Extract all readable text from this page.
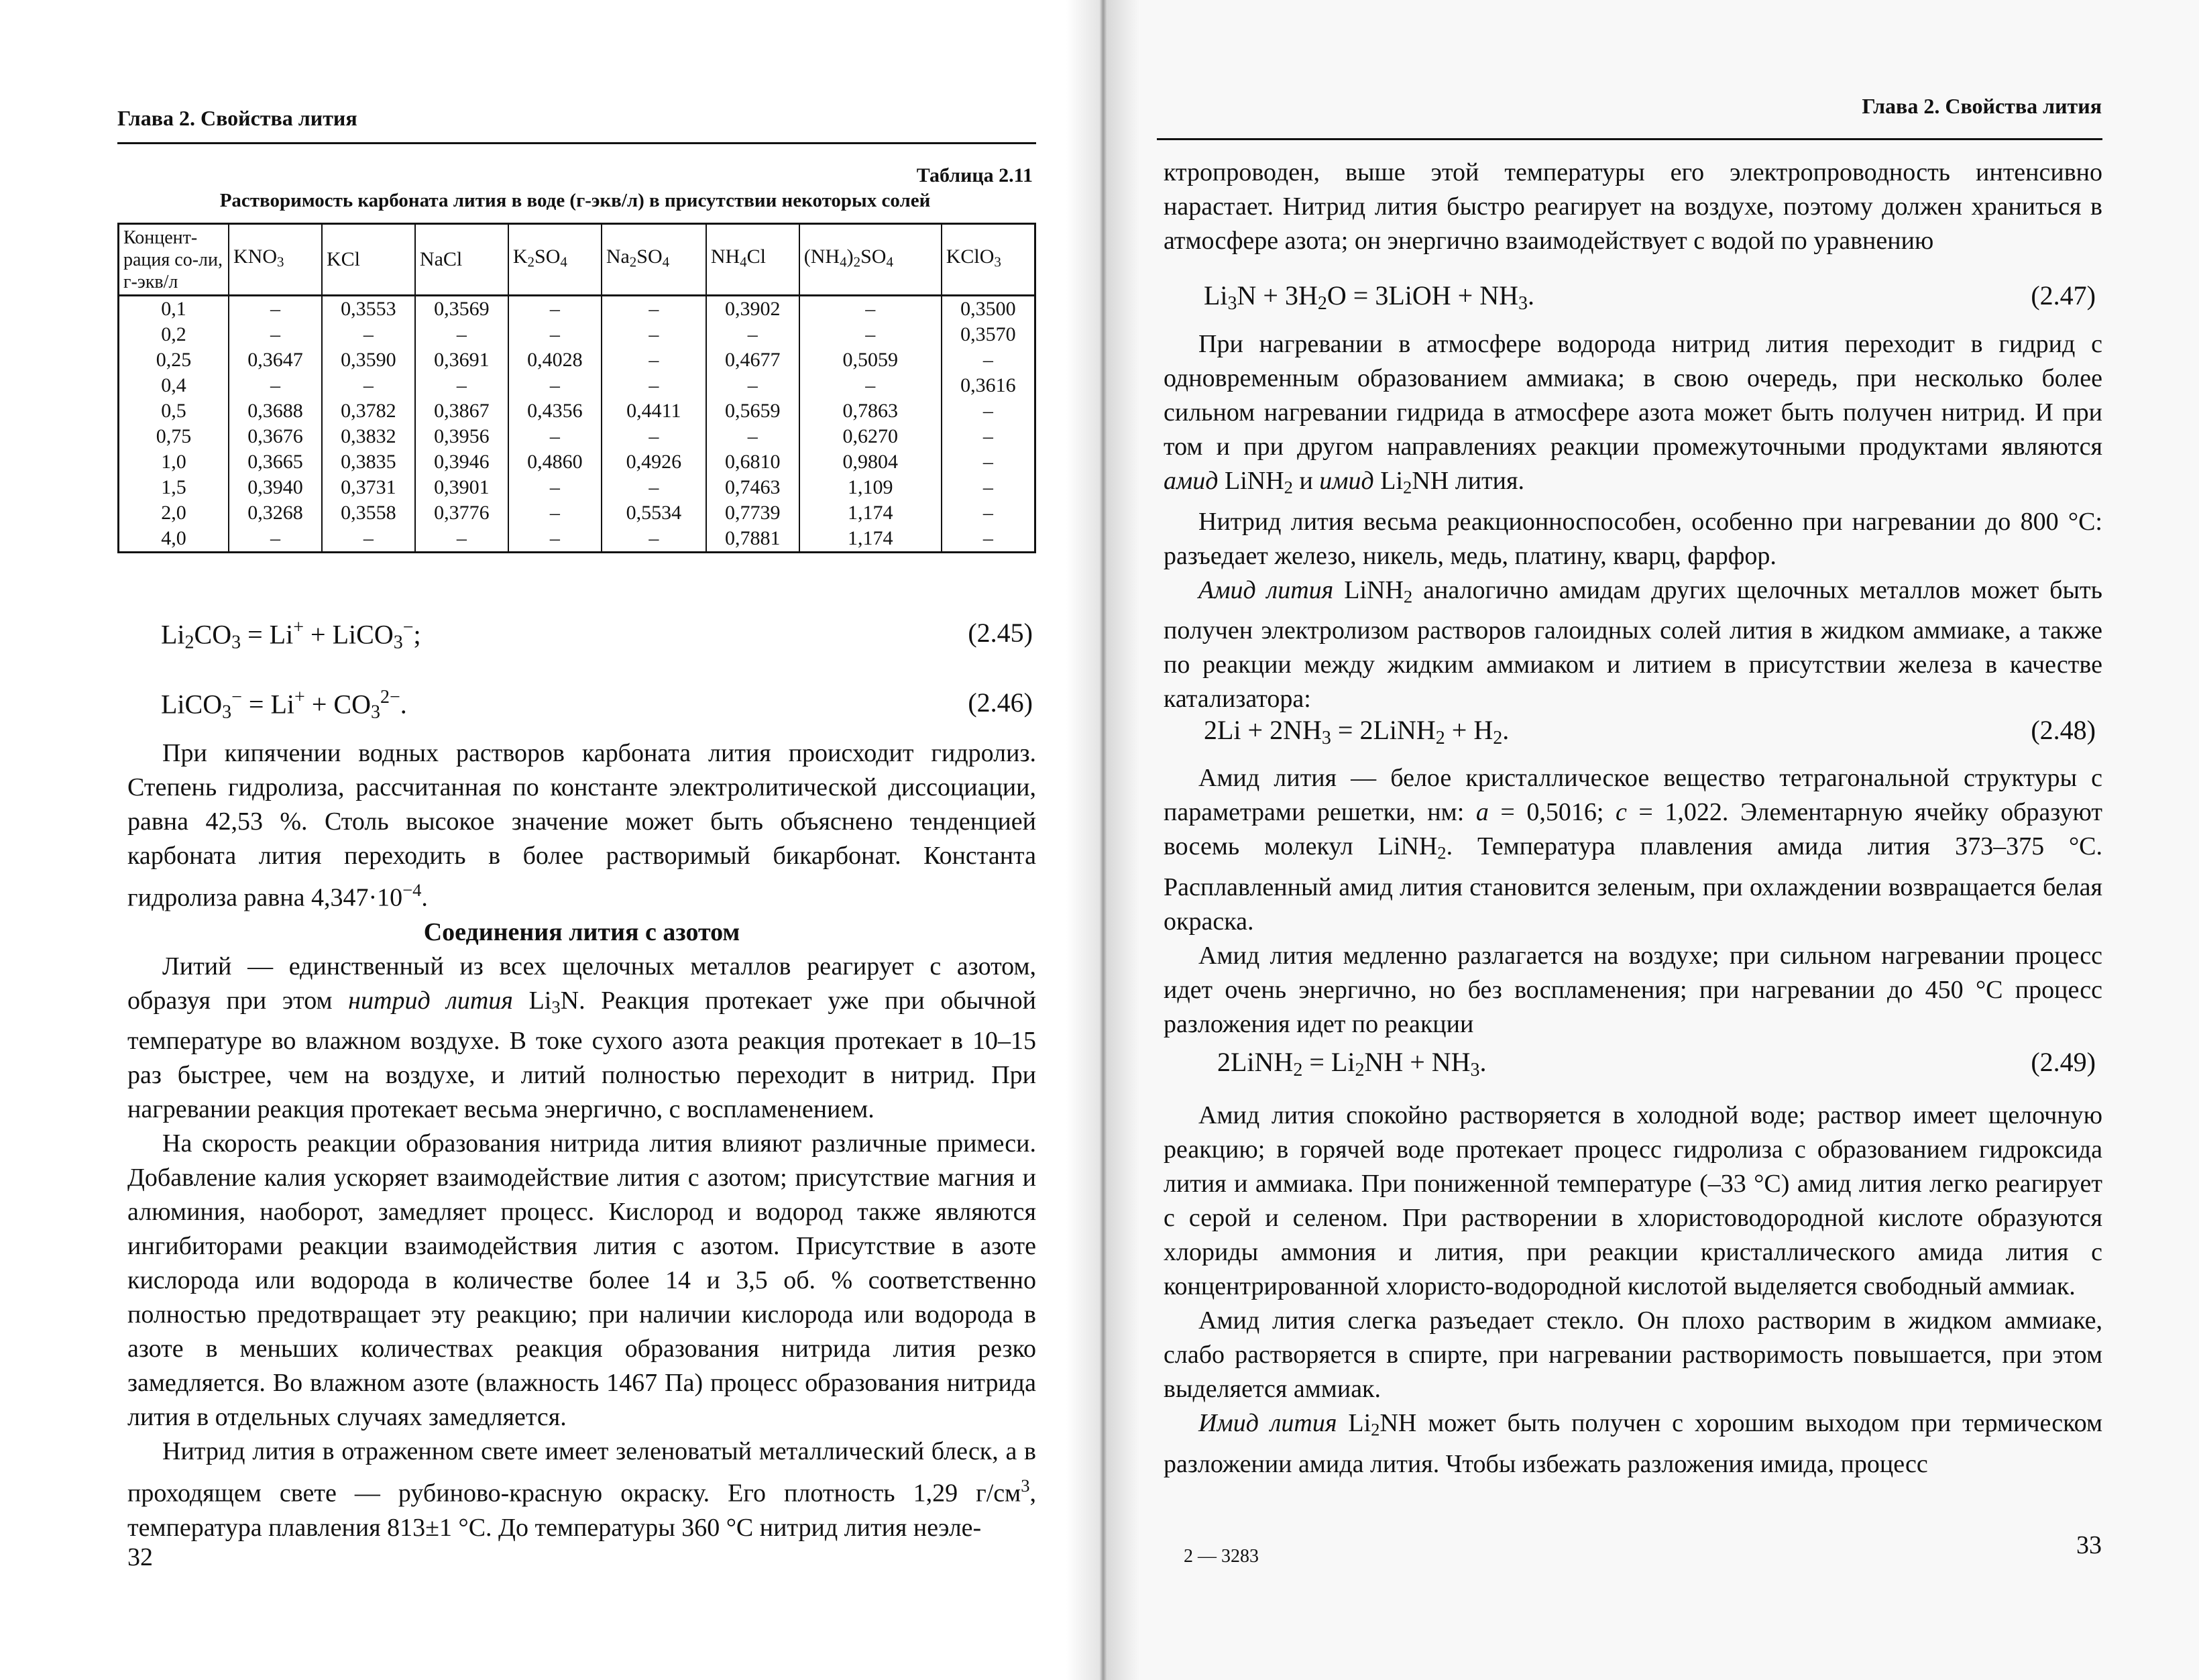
Глава 2. Свойства лития
Таблица 2.11
Растворимость карбоната лития в воде (г-экв/л) в присутствии некоторых солей
Концент-рация со-ли, г-экв/л	$KNO_3$	KCl	NaCl	$K_2SO_4$	$Na_2SO_4$	$NH_4Cl$	$(NH_4)_2SO_4$	KClO$_3$
0,1	–	0,3553	0,3569	–	–	0,3902	–	0,3500
0,2	–	–	–	–	–	–	–	0,3570
0,25	0,3647	0,3590	0,3691	0,4028	–	0,4677	0,5059	–
0,4	–	–	–	–	–	–	–	0,3616
0,5	0,3688	0,3782	0,3867	0,4356	0,4411	0,5659	0,7863	–
0,75	0,3676	0,3832	0,3956	–	–	–	0,6270	–
1,0	0,3665	0,3835	0,3946	0,4860	0,4926	0,6810	0,9804	–
1,5	0,3940	0,3731	0,3901	–	–	0,7463	1,109	–
2,0	0,3268	0,3558	0,3776	–	0,5534	0,7739	1,174	–
4,0	–	–	–	–	–	0,7881	1,174	–
$Li_2CO_3 = Li^+$ + LiCO$_3$−;	(2.45)
LiCO$_3$− = $Li^+ + CO_3^{2-}$.	(2.46)

При кипячении водных растворов карбоната лития происходит гидролиз. Степень гидролиза, рассчитанная по константе электролитической диссоциации, равна 42,53 %. Столь высокое значение может быть объяснено тенденцией карбоната лития переходить в более растворимый бикарбонат. Константа гидролиза равна $4,347\cdot 10^{-4}$.

Соединения лития с азотом

Литий — единственный из всех щелочных металлов реагирует с азотом, образуя при этом нитрид лития $Li_3N$. Реакция протекает уже при обычной температуре во влажном воздухе. В токе сухого азота реакция протекает в 10–15 раз быстрее, чем на воздухе, и литий полностью переходит в нитрид. При нагревании реакция протекает весьма энергично, с воспламенением.

На скорость реакции образования нитрида лития влияют различные примеси. Добавление калия ускоряет взаимодействие лития с азотом; присутствие магния и алюминия, наоборот, замедляет процесс. Кислород и водород также являются ингибиторами реакции взаимодействия лития с азотом. Присутствие в азоте кислорода или водорода в количестве более 14 и 3,5 об. % соответственно полностью предотвращает эту реакцию; при наличии кислорода или водорода в азоте в меньших количествах реакция образования нитрида лития резко замедляется. Во влажном азоте (влажность 1467 Па) процесс образования нитрида лития в отдельных случаях замедляется.

Нитрид лития в отраженном свете имеет зеленоватый металлический блеск, а в проходящем свете — рубиново-красную окраску. Его плотность 1,29 $г/см^3$, температура плавления 813±1 °С. До температуры 360 °С нитрид лития неэле-

32
Глава 2. Свойства лития

ктропроводен, выше этой температуры его электропроводность интенсивно нарастает. Нитрид лития быстро реагирует на воздухе, поэтому должен храниться в атмосфере азота; он энергично взаимодействует с водой по уравнению

$Li_3N + 3H_2O$ = 3LiOH + $NH_3$.	(2.47)

При нагревании в атмосфере водорода нитрид лития переходит в гидрид с одновременным образованием аммиака; в свою очередь, при несколько более сильном нагревании гидрида в атмосфере азота может быть получен нитрид. И при том и при другом направлениях реакции промежуточными продуктами являются амид LiNH$_2$ и имид $Li_2NH$ лития.

Нитрид лития весьма реакционноспособен, особенно при нагревании до 800 °С: разъедает железо, никель, медь, платину, кварц, фарфор.

Амид лития LiNH$_2$ аналогично амидам других щелочных металлов может быть получен электролизом растворов галоидных солей лития в жидком аммиаке, а также по реакции между жидким аммиаком и литием в присутствии железа в качестве катализатора:

$2Li + 2NH_3$ = 2LiNH$_2$ + $H_2$.	(2.48)

Амид лития — белое кристаллическое вещество тетрагональной структуры с параметрами решетки, нм: a = 0,5016; c = 1,022. Элементарную ячейку образуют восемь молекул LiNH$_2$. Температура плавления амида лития 373–375 °С. Расплавленный амид лития становится зеленым, при охлаждении возвращается белая окраска.

Амид лития медленно разлагается на воздухе; при сильном нагревании процесс идет очень энергично, но без воспламенения; при нагревании до 450 °С процесс разложения идет по реакции

2LiNH$_2$ = $Li_2NH + NH_3$.	(2.49)

Амид лития спокойно растворяется в холодной воде; раствор имеет щелочную реакцию; в горячей воде протекает процесс гидролиза с образованием гидроксида лития и аммиака. При пониженной температуре (–33 °С) амид лития легко реагирует с серой и селеном. При растворении в хлористоводородной кислоте образуются хлориды аммония и лития, при реакции кристаллического амида лития с концентрированной хлористо-водородной кислотой выделяется свободный аммиак.

Амид лития слегка разъедает стекло. Он плохо растворим в жидком аммиаке, слабо растворяется в спирте, при нагревании растворимость повышается, при этом выделяется аммиак.

Имид лития $Li_2NH$ может быть получен с хорошим выходом при термическом разложении амида лития. Чтобы избежать разложения имида, процесс

2 — 3283	33
